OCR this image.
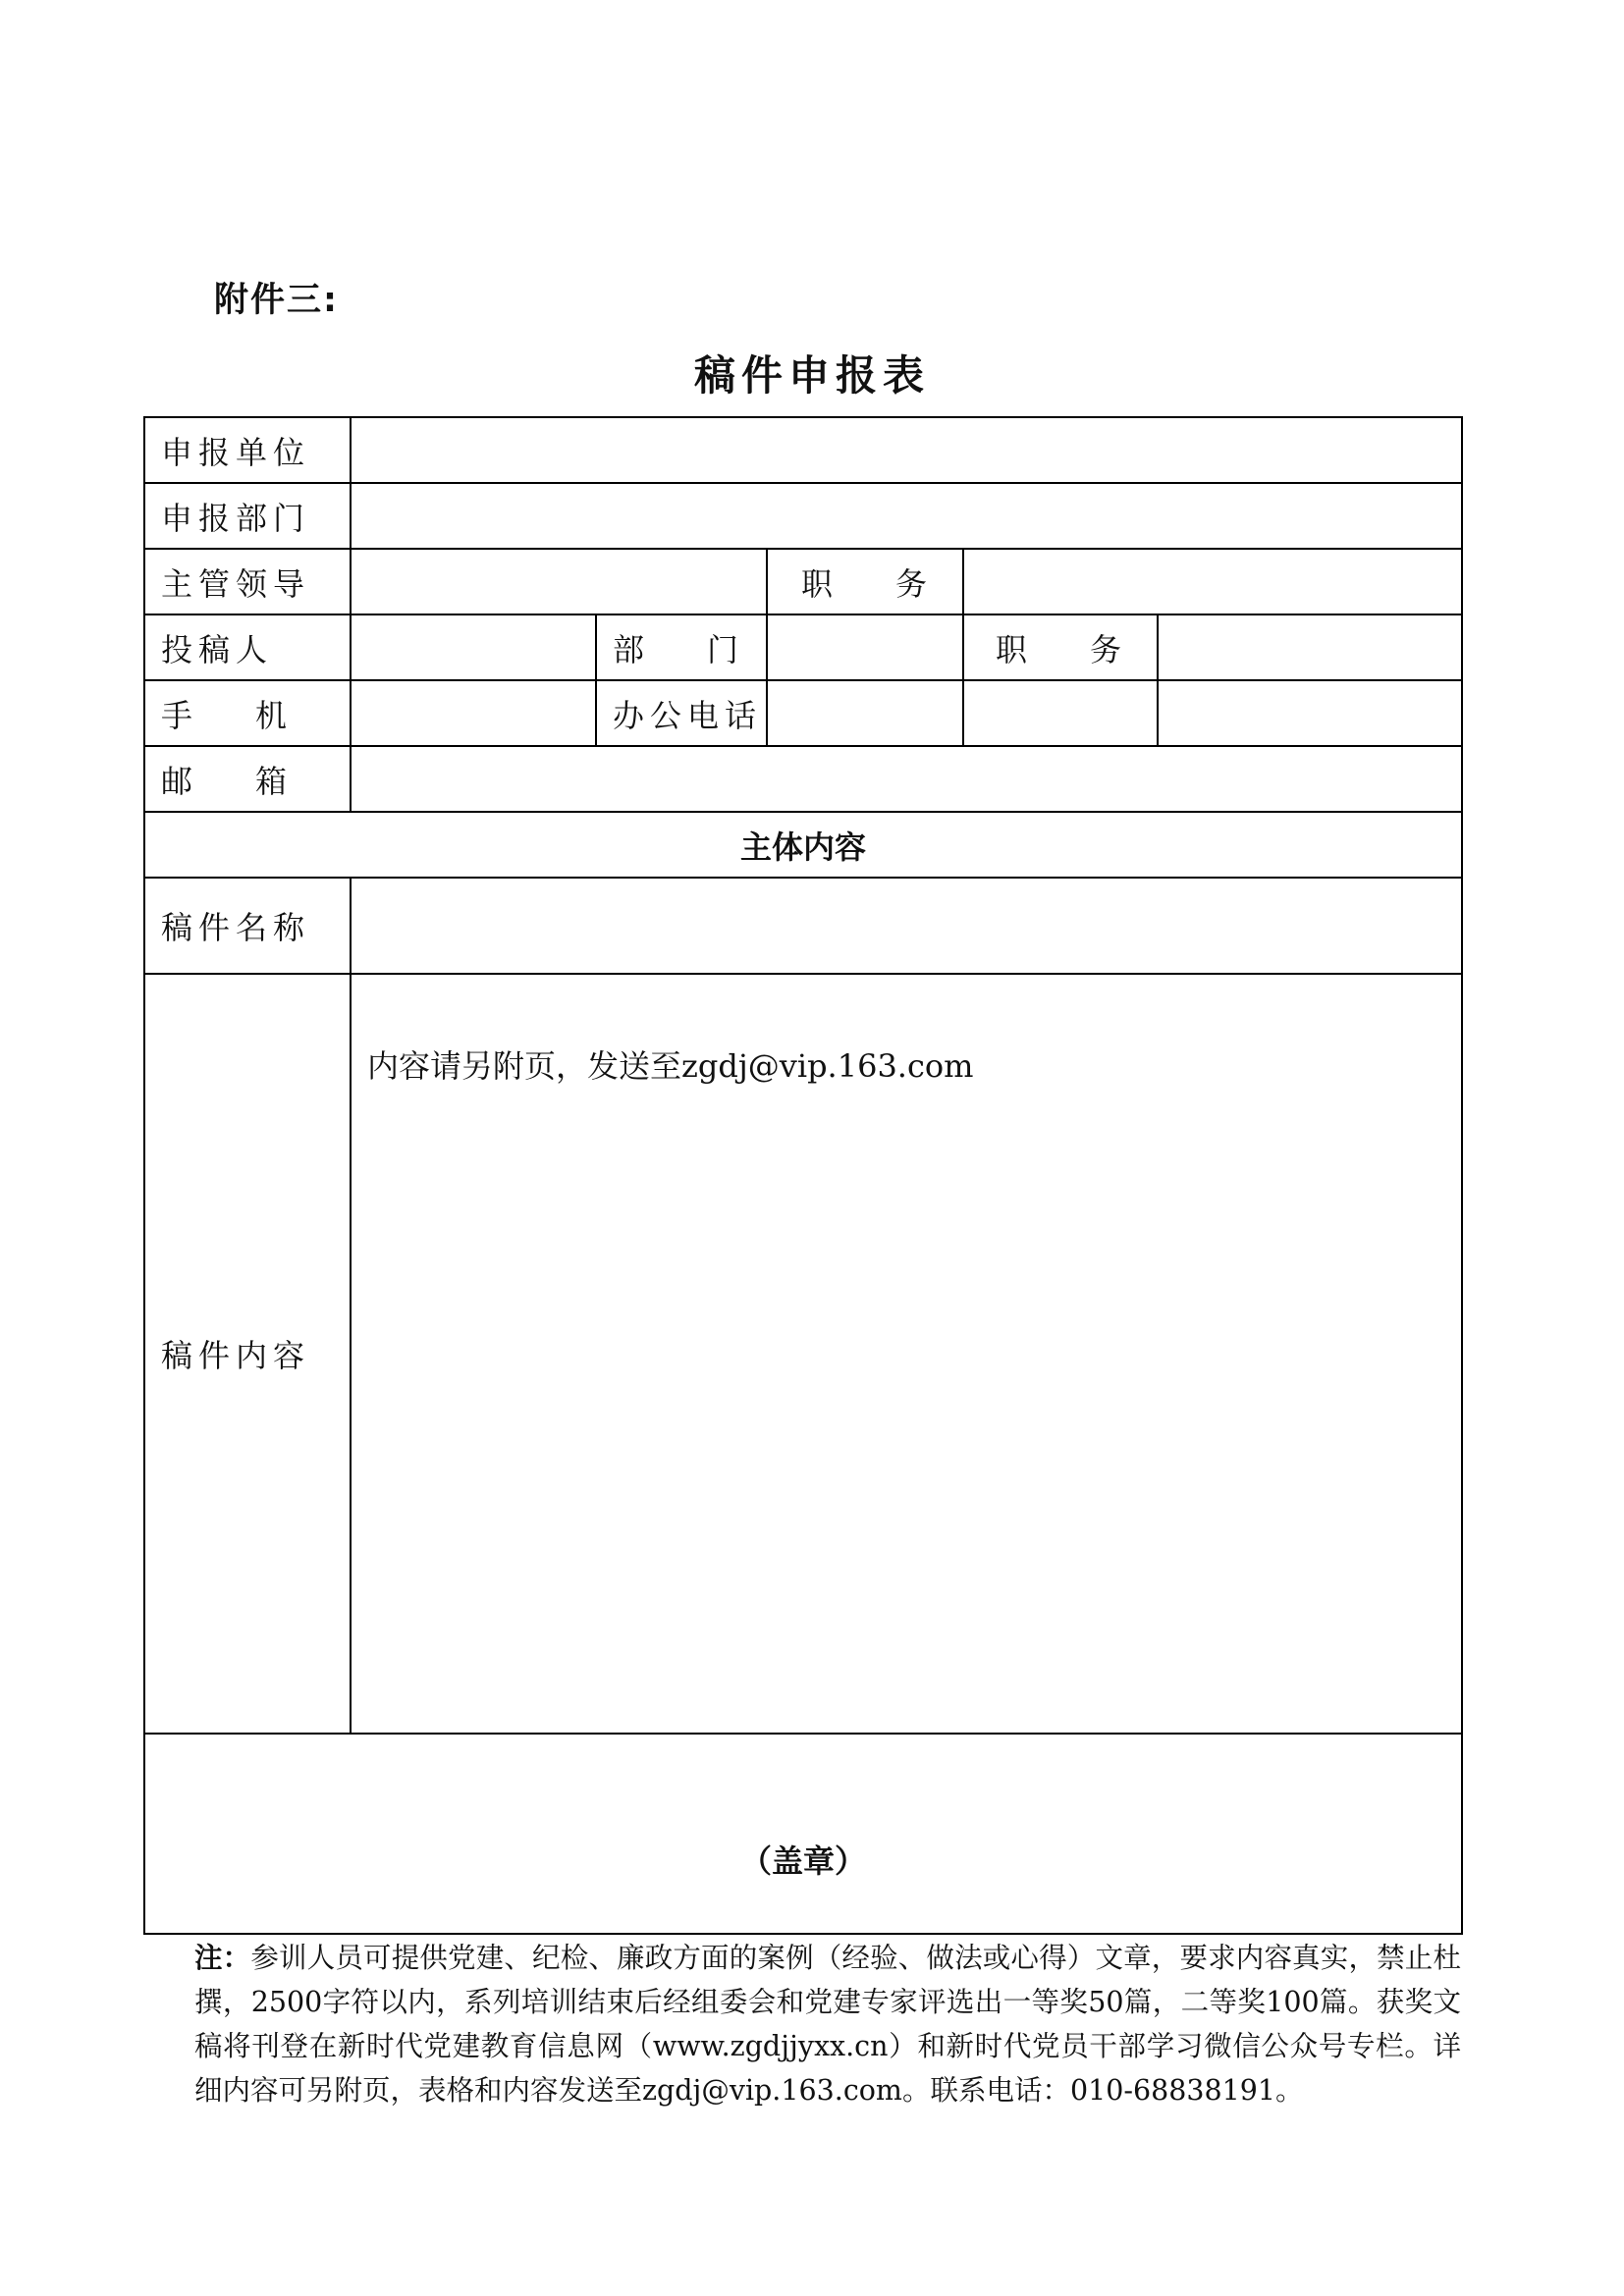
附件三:
稿件申报表
申报单位					
申报部门					
主管领导			职　　务		
投稿人		部　　门		职　　务	
手　　机		办公电话			
邮　　箱					
主体内容					
稿件名称					
稿件内容	内容请另附页，发送至zgdj@vip.163.com				
（盖章）					
注：参训人员可提供党建、纪检、廉政方面的案例（经验、做法或心得）文章，要求内容真实，禁止杜撰，2500字符以内，系列培训结束后经组委会和党建专家评选出一等奖50篇，二等奖100篇。获奖文稿将刊登在新时代党建教育信息网（www.zgdjjyxx.cn）和新时代党员干部学习微信公众号专栏。详细内容可另附页，表格和内容发送至zgdj@vip.163.com。联系电话：010-68838191。
